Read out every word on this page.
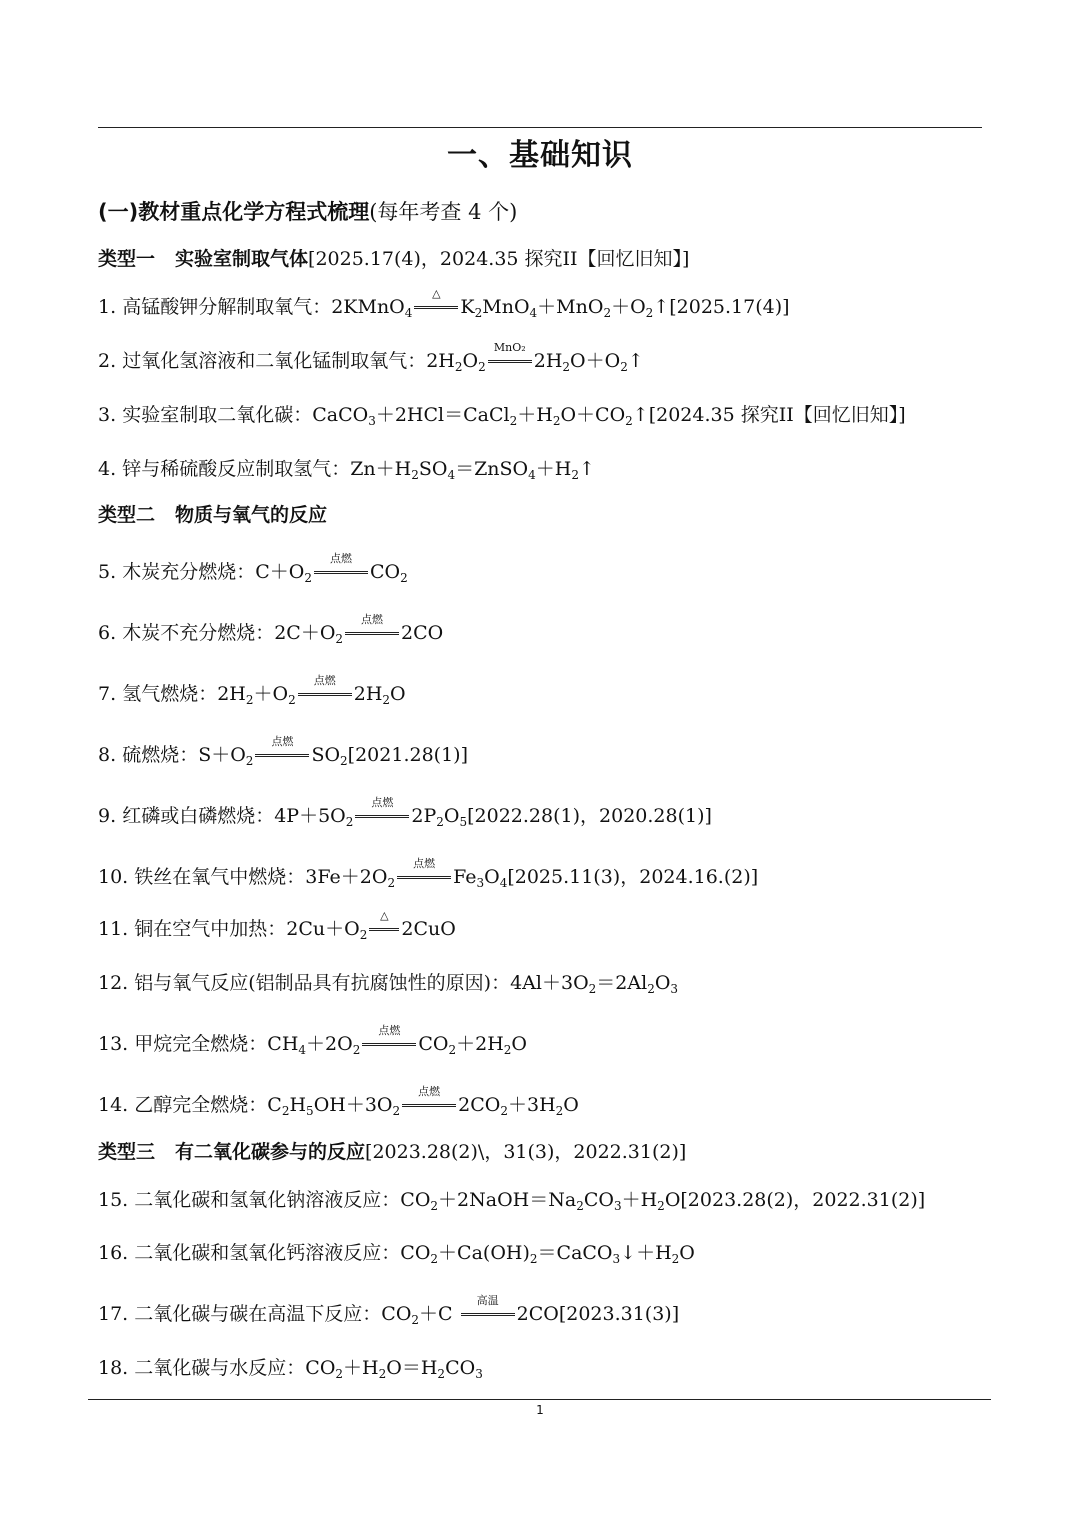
一、基础知识
(一)教材重点化学方程式梳理(每年考查 4 个)
类型一 实验室制取气体[2025.17(4)，2024.35 探究II【回忆旧知】]
1. 高锰酸钾分解制取氧气：2KMnO$_4$
△
$K_2MnO_4+MnO_2+O_2↑[2025.17(4)]$
2. 过氧化氢溶液和二氧化锰制取氧气：$2H_2O_2$
MnO₂
$2H_2O+O_2↑$
3. 实验室制取二氧化碳：$CaCO_3+2HCl=CaCl_2+H_2O+CO_2↑[2024.35$ 探究II【回忆旧知】]
4. 锌与稀硫酸反应制取氢气：$Zn+H_2SO_4=ZnSO_4+H_2↑$
类型二 物质与氧气的反应
5. 木炭充分燃烧：$C+O_2$
点燃
$CO_2$
6. 木炭不充分燃烧：$2C+O_2$
点燃
2CO
7. 氢气燃烧：$2H_2+O_2$
点燃
$2H_2O$
8. 硫燃烧：$S+O_2$
点燃
$SO_2[2021.28(1)]$
9. 红磷或白磷燃烧：$4P+5O_2$
点燃
$2P_2O_5[2022.28(1)$，2020.28(1)]
10. 铁丝在氧气中燃烧：$3Fe+2O_2$
点燃
$Fe_3O_4[2025.11(3)$，2024.16.(2)]
11. 铜在空气中加热：$2Cu+O_2$
△
2CuO
12. 铝与氧气反应(铝制品具有抗腐蚀性的原因)：$4Al+3O_2=2Al_2O_3$
13. 甲烷完全燃烧：$CH_4+2O_2$
点燃
$CO_2+2H_2O$
14. 乙醇完全燃烧：$C_2H_5OH+3O_2$
点燃
$2CO_2+3H_2O$
类型三 有二氧化碳参与的反应[2023.28(2)\，31(3)，2022.31(2)]
15. 二氧化碳和氢氧化钠溶液反应：$CO_2+2NaOH=Na_2CO_3+H_2O[2023.28(2)$，2022.31(2)]
16. 二氧化碳和氢氧化钙溶液反应：$CO_2+Ca(OH)_2=CaCO_3↓+H_2O$
17. 二氧化碳与碳在高温下反应：$CO_2+C$
高温
2CO[2023.31(3)]
18. 二氧化碳与水反应：$CO_2+H_2O=H_2CO_3$
1
